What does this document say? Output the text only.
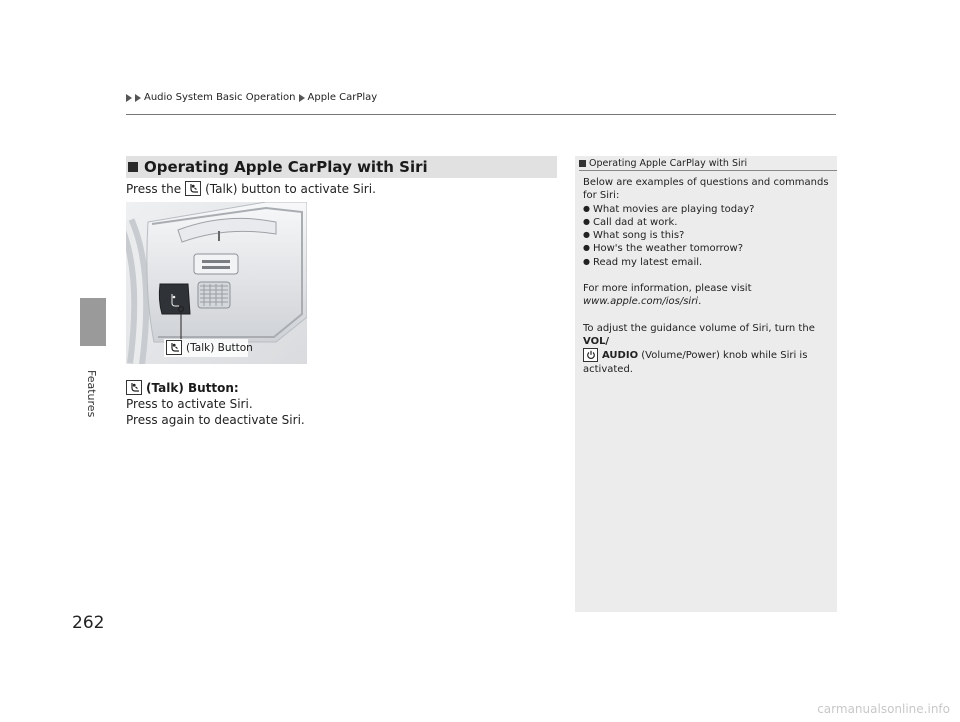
Audio System Basic Operation Apple CarPlay
Features
262
Operating Apple CarPlay with Siri
Press the (Talk) button to activate Siri.
(Talk) Button
(Talk) Button:
Press to activate Siri.
Press again to deactivate Siri.
Operating Apple CarPlay with Siri

Below are examples of questions and commands for Siri:

● What movies are playing today?

● Call dad at work.

● What song is this?

● How's the weather tomorrow?

● Read my latest email.

For more information, please visit

www.apple.com/ios/siri.

To adjust the guidance volume of Siri, turn the VOL/

AUDIO (Volume/Power) knob while Siri is activated.

carmanualsonline.info
